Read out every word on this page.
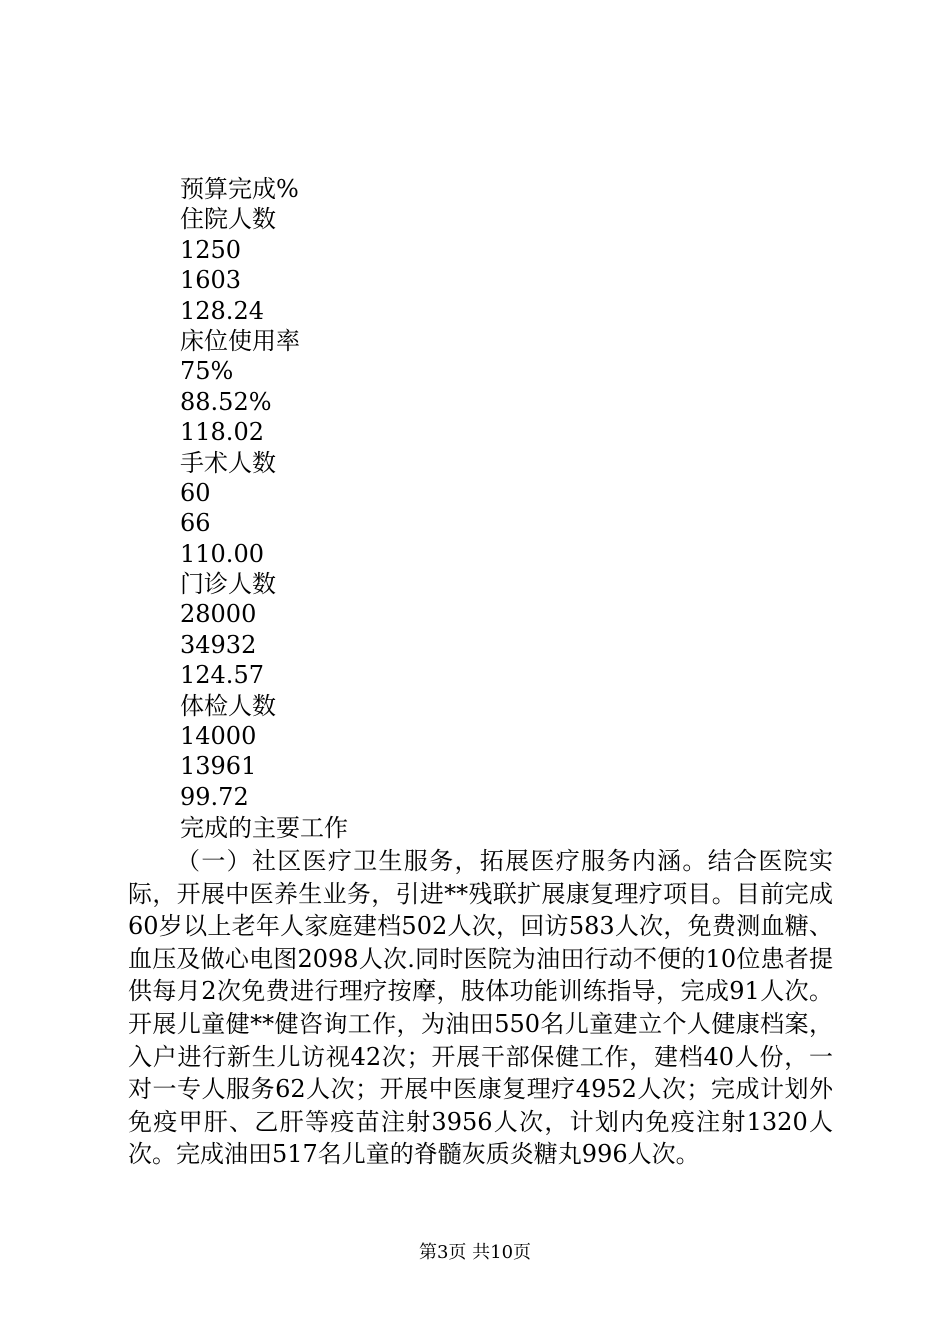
预算完成%
住院人数
1250
1603
128.24
床位使用率
75%
88.52%
118.02
手术人数
60
66
110.00
门诊人数
28000
34932
124.57
体检人数
14000
13961
99.72
完成的主要工作

（一）社区医疗卫生服务，拓展医疗服务内涵。结合医院实际，开展中医养生业务，引进**残联扩展康复理疗项目。目前完成60岁以上老年人家庭建档502人次，回访583人次，免费测血糖、血压及做心电图2098人次.同时医院为油田行动不便的10位患者提供每月2次免费进行理疗按摩，肢体功能训练指导，完成91人次。开展儿童健**健咨询工作，为油田550名儿童建立个人健康档案，入户进行新生儿访视42次；开展干部保健工作，建档40人份，一对一专人服务62人次；开展中医康复理疗4952人次；完成计划外免疫甲肝、乙肝等疫苗注射3956人次，计划内免疫注射1320人次。完成油田517名儿童的脊髓灰质炎糖丸996人次。

第3页 共10页
